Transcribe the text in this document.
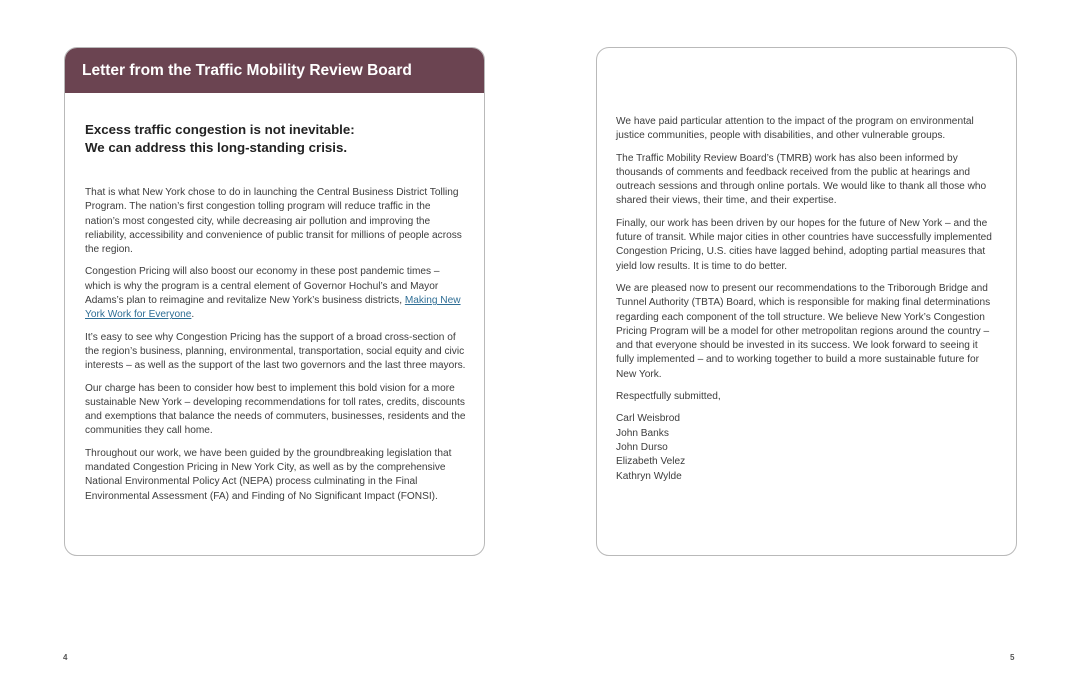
Letter from the Traffic Mobility Review Board
Excess traffic congestion is not inevitable:
We can address this long-standing crisis.

That is what New York chose to do in launching the Central Business District Tolling Program. The nation’s first congestion tolling program will reduce traffic in the nation’s most congested city, while decreasing air pollution and improving the reliability, accessibility and convenience of public transit for millions of people across the region.

Congestion Pricing will also boost our economy in these post pandemic times – which is why the program is a central element of Governor Hochul’s and Mayor Adams’s plan to reimagine and revitalize New York’s business districts, Making New York Work for Everyone.

It’s easy to see why Congestion Pricing has the support of a broad cross-section of the region’s business, planning, environmental, transportation, social equity and civic interests – as well as the support of the last two governors and the last three mayors.

Our charge has been to consider how best to implement this bold vision for a more sustainable New York – developing recommendations for toll rates, credits, discounts and exemptions that balance the needs of commuters, businesses, residents and the communities they call home.

Throughout our work, we have been guided by the groundbreaking legislation that mandated Congestion Pricing in New York City, as well as by the comprehensive National Environmental Policy Act (NEPA) process culminating in the Final Environmental Assessment (FA) and Finding of No Significant Impact (FONSI).

We have paid particular attention to the impact of the program on environmental justice communities, people with disabilities, and other vulnerable groups.

The Traffic Mobility Review Board’s (TMRB) work has also been informed by thousands of comments and feedback received from the public at hearings and outreach sessions and through online portals. We would like to thank all those who shared their views, their time, and their expertise.

Finally, our work has been driven by our hopes for the future of New York – and the future of transit. While major cities in other countries have successfully implemented Congestion Pricing, U.S. cities have lagged behind, adopting partial measures that yield low results. It is time to do better.

We are pleased now to present our recommendations to the Triborough Bridge and Tunnel Authority (TBTA) Board, which is responsible for making final determinations regarding each component of the toll structure. We believe New York’s Congestion Pricing Program will be a model for other metropolitan regions around the country – and that everyone should be invested in its success. We look forward to seeing it fully implemented – and to working together to build a more sustainable future for New York.

Respectfully submitted,

Carl Weisbrod
John Banks
John Durso
Elizabeth Velez
Kathryn Wylde
4	5
